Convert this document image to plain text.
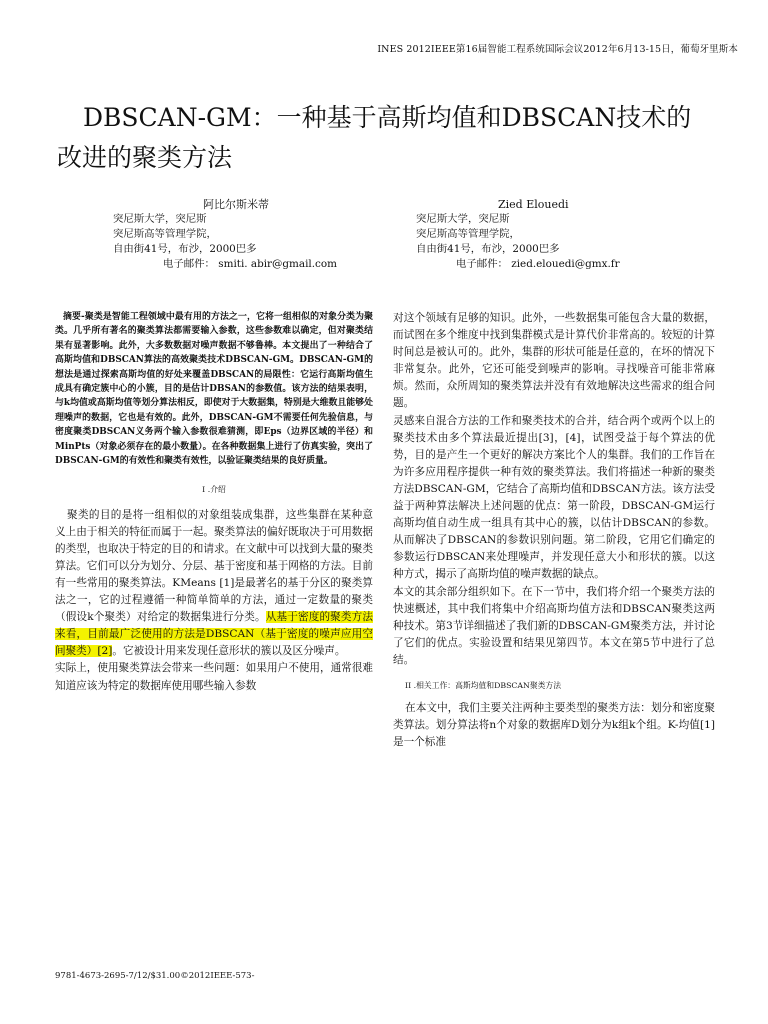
INES 2012IEEE第16届智能工程系统国际会议2012年6月13-15日，葡萄牙里斯本
DBSCAN-GM：一种基于高斯均值和DBSCAN技术的
改进的聚类方法
阿比尔斯米蒂
突尼斯大学，突尼斯
突尼斯高等管理学院，
自由街41号，布沙，2000巴多
电子邮件： smiti. abir@gmail.com
Zied Elouedi
突尼斯大学，突尼斯
突尼斯高等管理学院，
自由街41号，布沙，2000巴多
电子邮件： zied.elouedi@gmx.fr

摘要-聚类是智能工程领域中最有用的方法之一，它将一组相似的对象分类为聚类。几乎所有著名的聚类算法都需要输入参数，这些参数难以确定，但对聚类结果有显著影响。此外，大多数数据对噪声数据不够鲁棒。本文提出了一种结合了高斯均值和DBSCAN算法的高效聚类技术DBSCAN-GM。DBSCAN-GM的想法是通过探索高斯均值的好处来覆盖DBSCAN的局限性：它运行高斯均值生成具有确定簇中心的小簇，目的是估计DBSAN的参数值。该方法的结果表明，与k均值或高斯均值等划分算法相反，即使对于大数据集，特别是大维数且能够处理噪声的数据，它也是有效的。此外，DBSCAN-GM不需要任何先验信息，与密度聚类DBSCAN义务两个输入参数很难猜测，即Eps（边界区域的半径）和MinPts（对象必须存在的最小数量）。在各种数据集上进行了仿真实验，突出了DBSCAN-GM的有效性和聚类有效性，以验证聚类结果的良好质量。

I .介绍

聚类的目的是将一组相似的对象组装成集群，这些集群在某种意义上由于相关的特征而属于一起。聚类算法的偏好既取决于可用数据的类型，也取决于特定的目的和请求。在文献中可以找到大量的聚类算法。它们可以分为划分、分层、基于密度和基于网格的方法。目前有一些常用的聚类算法。KMeans [1]是最著名的基于分区的聚类算法之一，它的过程遵循一种简单简单的方法，通过一定数量的聚类（假设k个聚类）对给定的数据集进行分类。从基于密度的聚类方法来看，目前最广泛使用的方法是DBSCAN（基于密度的噪声应用空间聚类）[2]。它被设计用来发现任意形状的簇以及区分噪声。

实际上，使用聚类算法会带来一些问题：如果用户不使用，通常很难知道应该为特定的数据库使用哪些输入参数

对这个领域有足够的知识。此外，一些数据集可能包含大量的数据，而试图在多个维度中找到集群模式是计算代价非常高的。较短的计算时间总是被认可的。此外，集群的形状可能是任意的，在坏的情况下非常复杂。此外，它还可能受到噪声的影响。寻找噪音可能非常麻烦。然而，众所周知的聚类算法并没有有效地解决这些需求的组合问题。

灵感来自混合方法的工作和聚类技术的合并，结合两个或两个以上的聚类技术由多个算法最近提出[3]，[4]，试图受益于每个算法的优势，目的是产生一个更好的解决方案比个人的集群。我们的工作旨在为许多应用程序提供一种有效的聚类算法。我们将描述一种新的聚类方法DBSCAN-GM，它结合了高斯均值和DBSCAN方法。该方法受益于两种算法解决上述问题的优点：第一阶段，DBSCAN-GM运行高斯均值自动生成一组具有其中心的簇，以估计DBSCAN的参数。从而解决了DBSCAN的参数识别问题。第二阶段，它用它们确定的参数运行DBSCAN来处理噪声，并发现任意大小和形状的簇。以这种方式，揭示了高斯均值的噪声数据的缺点。

本文的其余部分组织如下。在下一节中，我们将介绍一个聚类方法的快速概述，其中我们将集中介绍高斯均值方法和DBSCAN聚类这两种技术。第3节详细描述了我们新的DBSCAN-GM聚类方法，并讨论了它们的优点。实验设置和结果见第四节。本文在第5节中进行了总结。

II .相关工作：高斯均值和DBSCAN聚类方法

在本文中，我们主要关注两种主要类型的聚类方法：划分和密度聚类算法。划分算法将n个对象的数据库D划分为k组k个组。K-均值[1]是一个标准

9781-4673-2695-7/12/$31.00©2012IEEE-573-
